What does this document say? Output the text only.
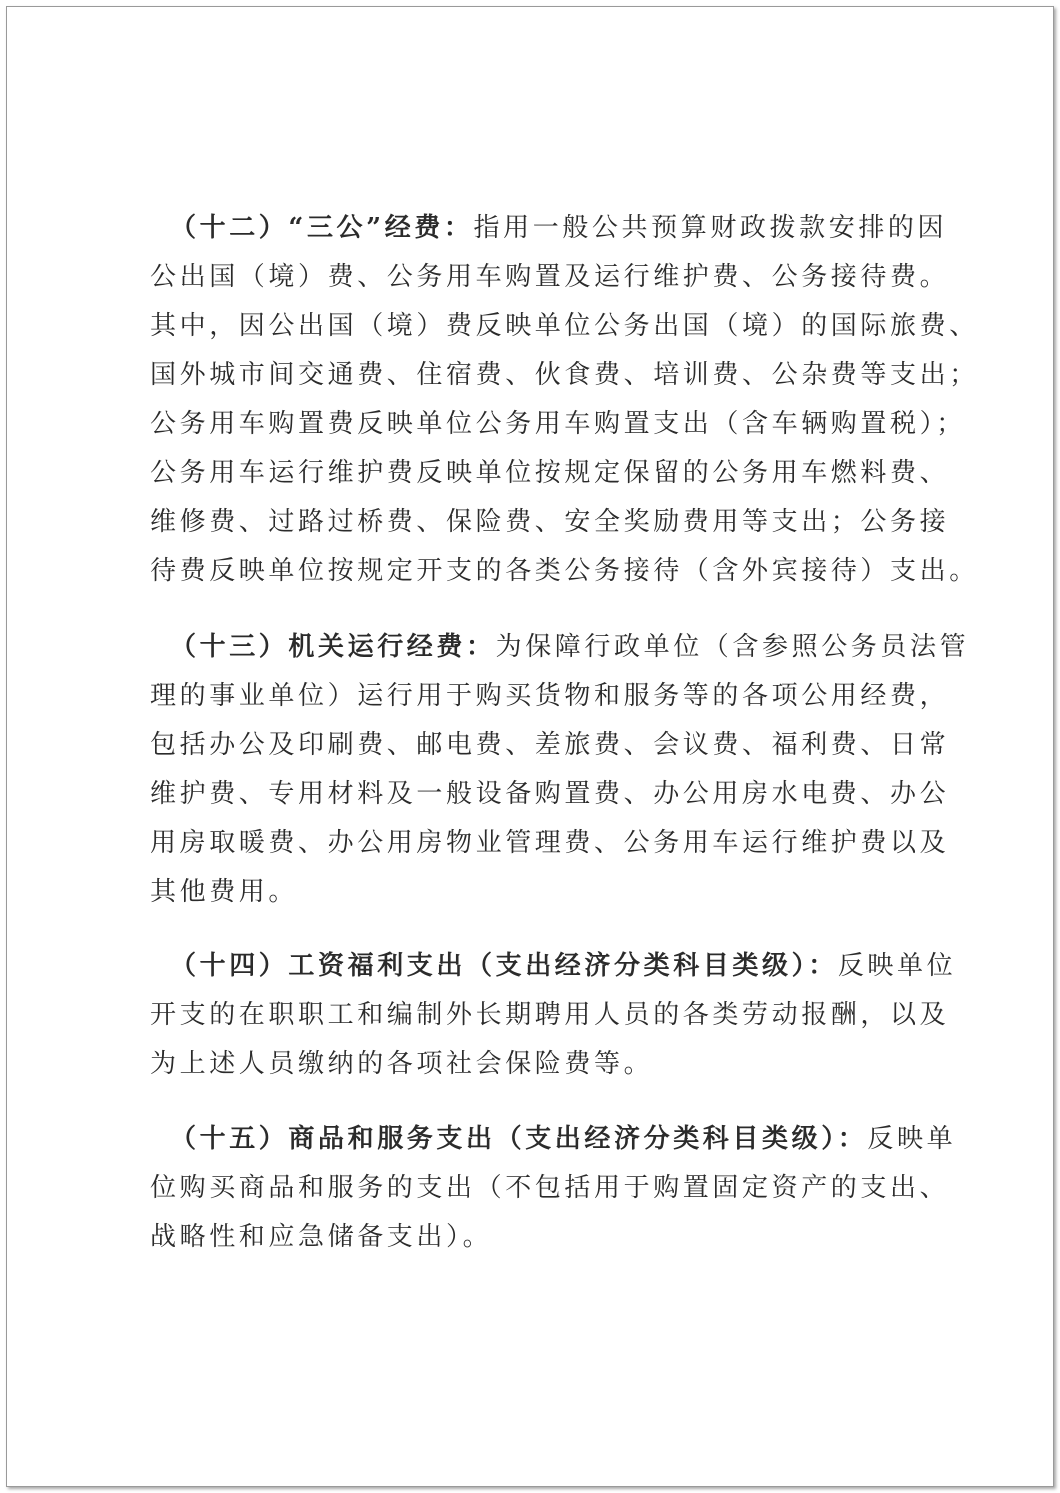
（十二）“三公”经费：指用一般公共预算财政拨款安排的因
公出国（境）费、公务用车购置及运行维护费、公务接待费。
其中，因公出国（境）费反映单位公务出国（境）的国际旅费、
国外城市间交通费、住宿费、伙食费、培训费、公杂费等支出；
公务用车购置费反映单位公务用车购置支出（含车辆购置税）；
公务用车运行维护费反映单位按规定保留的公务用车燃料费、
维修费、过路过桥费、保险费、安全奖励费用等支出；公务接
待费反映单位按规定开支的各类公务接待（含外宾接待）支出。
（十三）机关运行经费：为保障行政单位（含参照公务员法管
理的事业单位）运行用于购买货物和服务等的各项公用经费，
包括办公及印刷费、邮电费、差旅费、会议费、福利费、日常
维护费、专用材料及一般设备购置费、办公用房水电费、办公
用房取暖费、办公用房物业管理费、公务用车运行维护费以及
其他费用。
（十四）工资福利支出（支出经济分类科目类级）：反映单位
开支的在职职工和编制外长期聘用人员的各类劳动报酬，以及
为上述人员缴纳的各项社会保险费等。
（十五）商品和服务支出（支出经济分类科目类级）：反映单
位购买商品和服务的支出（不包括用于购置固定资产的支出、
战略性和应急储备支出）。
